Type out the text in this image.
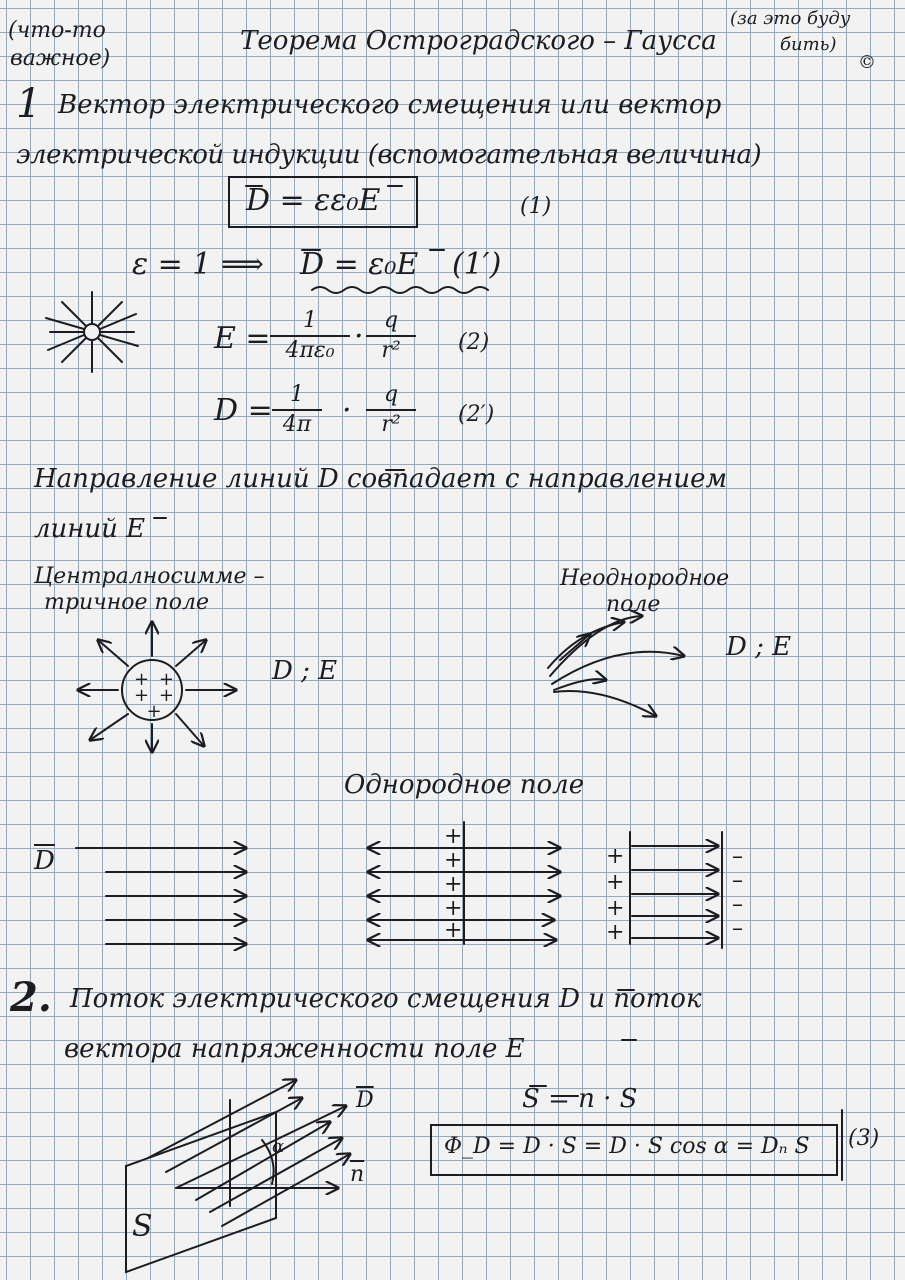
(что-то
важное)
Теорема Остроградского – Гаусса
(за это буду
бить)
©
1 Вектор электрического смещения или вектор
электрической индукции (вспомогательная величина)
D = εε₀E	(1)
ε = 1 ⟹ D = ε₀E (1′)
E =
1
4πε₀ · q
r²	(2)
D = 1
4π	·	q
r²	(2′)
Направление линий D совпадает с направлением
линий E
Централносимме –
тричное поле
+ + + + +
D ; E
Неоднородное
поле
D ; E
Однородное поле
$\overline{D}$
+
+
+
+
+
+
+
+
+
–
–
–
–
2. Поток электрического смещения D и поток
вектора напряженности поле E
$\overline{D}$
$\overline{n}$
α
S
S = n · S
Φ_D = D · S = D · S cos α = Dₙ S (3)
